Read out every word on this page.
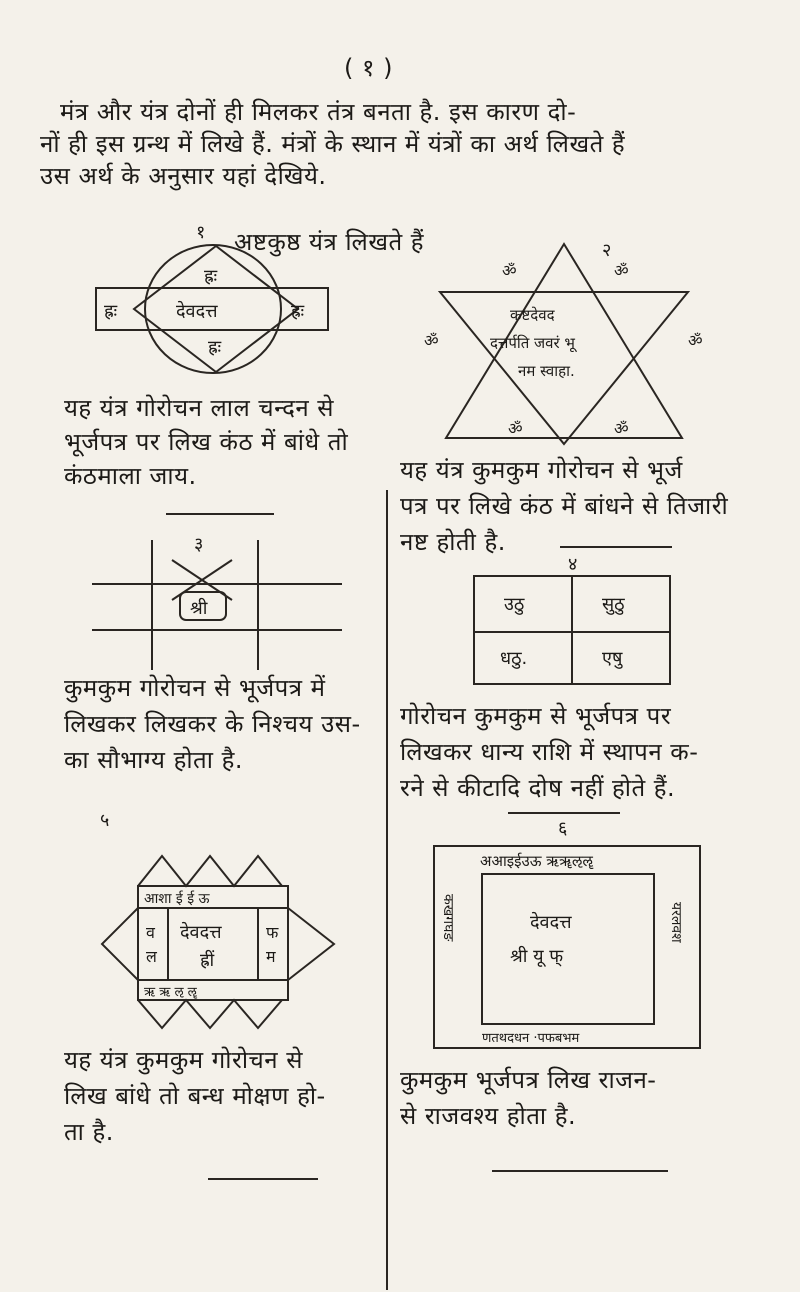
( १ )
मंत्र और यंत्र दोनों ही मिलकर तंत्र बनता है. इस कारण दो-
नों ही इस ग्रन्थ में लिखे हैं. मंत्रों के स्थान में यंत्रों का अर्थ लिखते हैं
उस अर्थ के अनुसार यहां देखिये.
१
ह्रः
ह्रः	ह्रः
ह्रः
देवदत्त
यह यंत्र गोरोचन लाल चन्दन से
भूर्जपत्र पर लिख कंठ में बांधे तो
कंठमाला जाय.
अष्टकुष्ठ यंत्र लिखते हैं	२
कष्टदेवद
दत्तर्पति जवरं भू
नम स्वाहा.
ॐ	ॐ
ॐ	ॐ
ॐ	ॐ
यह यंत्र कुमकुम गोरोचन से भूर्ज
पत्र पर लिखे कंठ में बांधने से तिजारी
नष्ट होती है.
३
श्री
कुमकुम गोरोचन से भूर्जपत्र में
लिखकर लिखकर के निश्चय उस-
का सौभाग्य होता है.
४
उठु	सुठु
धठु.	एषु
गोरोचन कुमकुम से भूर्जपत्र पर
लिखकर धान्य राशि में स्थापन क-
रने से कीटादि दोष नहीं होते हैं.
५
आशा ई ई ऊ
व
ल
फ
म
देवदत्त
ह्रीं
ऋ ऋ ऌ ॡ
यह यंत्र कुमकुम गोरोचन से
लिख बांधे तो बन्ध मोक्षण हो-
ता है.
६
अआइईउऊ ऋॠऌॡ
देवदत्त
श्री यू फ्
कखगघङ	यरलवश
णतथदधन ·पफबभम
कुमकुम भूर्जपत्र लिख राजन-
से राजवश्य होता है.
